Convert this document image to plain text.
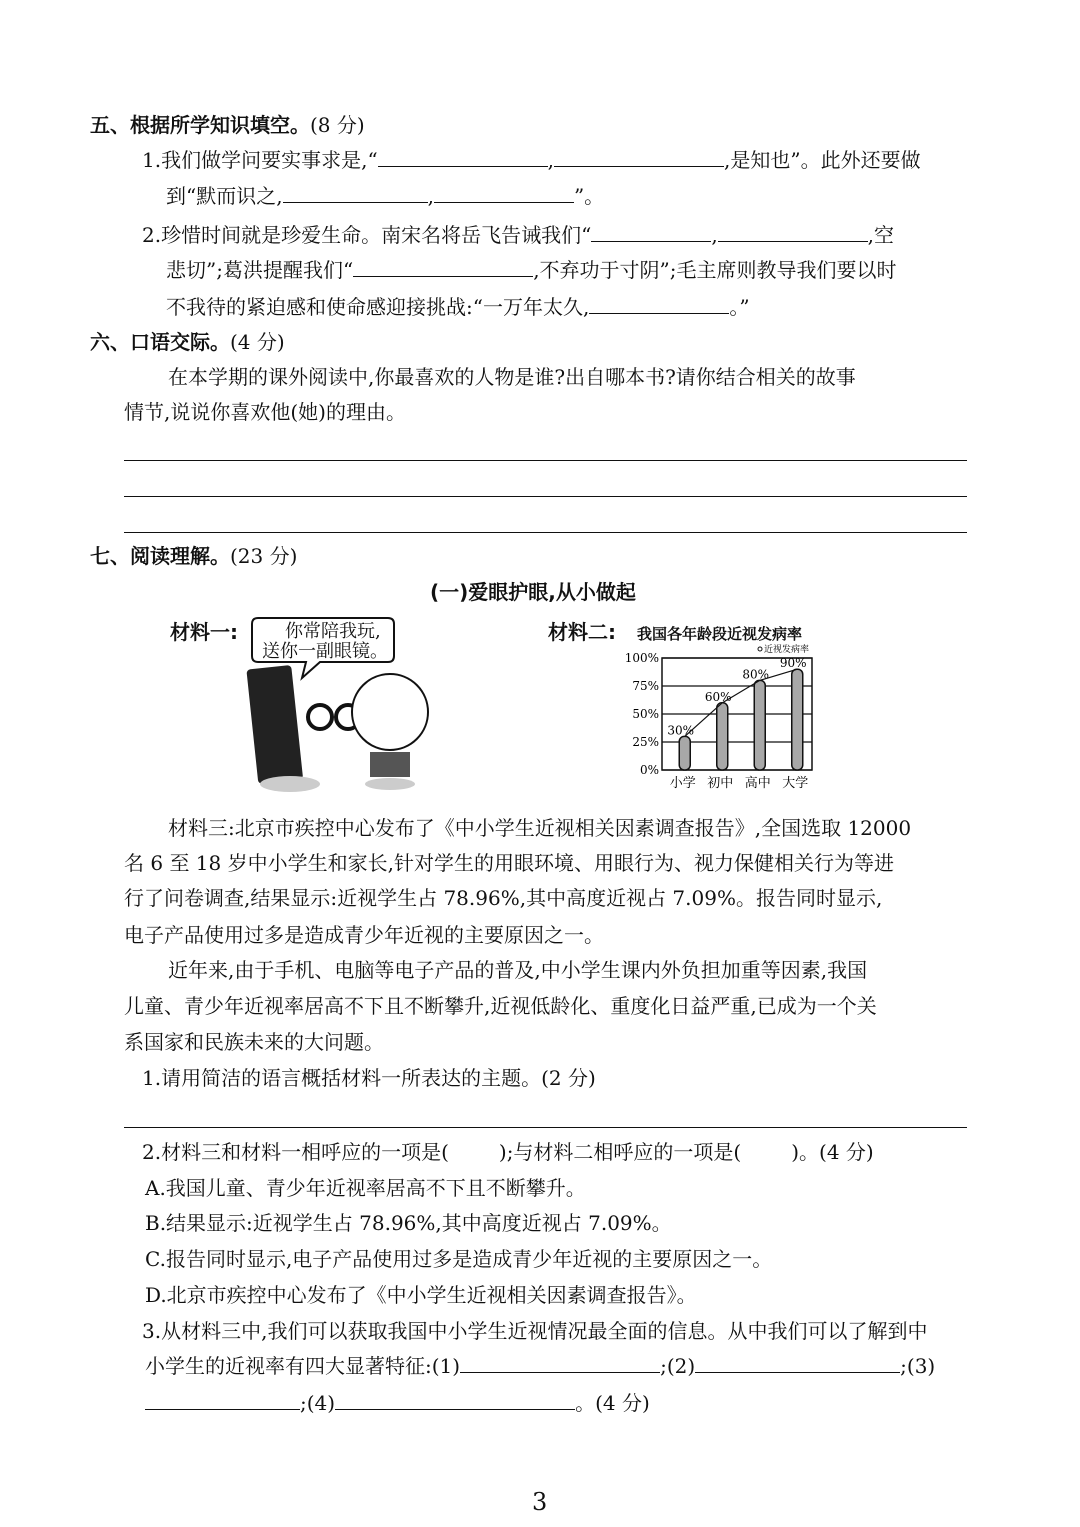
五、根据所学知识填空。(8 分)
1.我们做学问要实事求是,“	,	,是知也”。此外还要做
到“默而识之,	,	”。
2.珍惜时间就是珍爱生命。南宋名将岳飞告诫我们“	,	,空
悲切”;葛洪提醒我们“	,不弃功于寸阴”;毛主席则教导我们要以时
不我待的紧迫感和使命感迎接挑战:“一万年太久,	。”
六、口语交际。(4 分)
在本学期的课外阅读中,你最喜欢的人物是谁?出自哪本书?请你结合相关的故事
情节,说说你喜欢他(她)的理由。
七、阅读理解。(23 分)
(一)爱眼护眼,从小做起
材料一:	你常陪我玩,
送你一副眼镜。
材料二: 我国各年龄段近视发病率
0%
25%
50%
75%
100%
30%
小学
60%
初中
80%
高中
90%
大学
近视发病率
材料三:北京市疾控中心发布了《中小学生近视相关因素调查报告》,全国选取 12000
名 6 至 18 岁中小学生和家长,针对学生的用眼环境、用眼行为、视力保健相关行为等进
行了问卷调查,结果显示:近视学生占 78.96%,其中高度近视占 7.09%。报告同时显示,
电子产品使用过多是造成青少年近视的主要原因之一。
近年来,由于手机、电脑等电子产品的普及,中小学生课内外负担加重等因素,我国
儿童、青少年近视率居高不下且不断攀升,近视低龄化、重度化日益严重,已成为一个关
系国家和民族未来的大问题。
1.请用简洁的语言概括材料一所表达的主题。(2 分)
2.材料三和材料一相呼应的一项是(	);与材料二相呼应的一项是(	)。(4 分)
A.我国儿童、青少年近视率居高不下且不断攀升。
B.结果显示:近视学生占 78.96%,其中高度近视占 7.09%。
C.报告同时显示,电子产品使用过多是造成青少年近视的主要原因之一。
D.北京市疾控中心发布了《中小学生近视相关因素调查报告》。
3.从材料三中,我们可以获取我国中小学生近视情况最全面的信息。从中我们可以了解到中
小学生的近视率有四大显著特征:(1)	;(2)	;(3)
;(4)	。(4 分)
3
